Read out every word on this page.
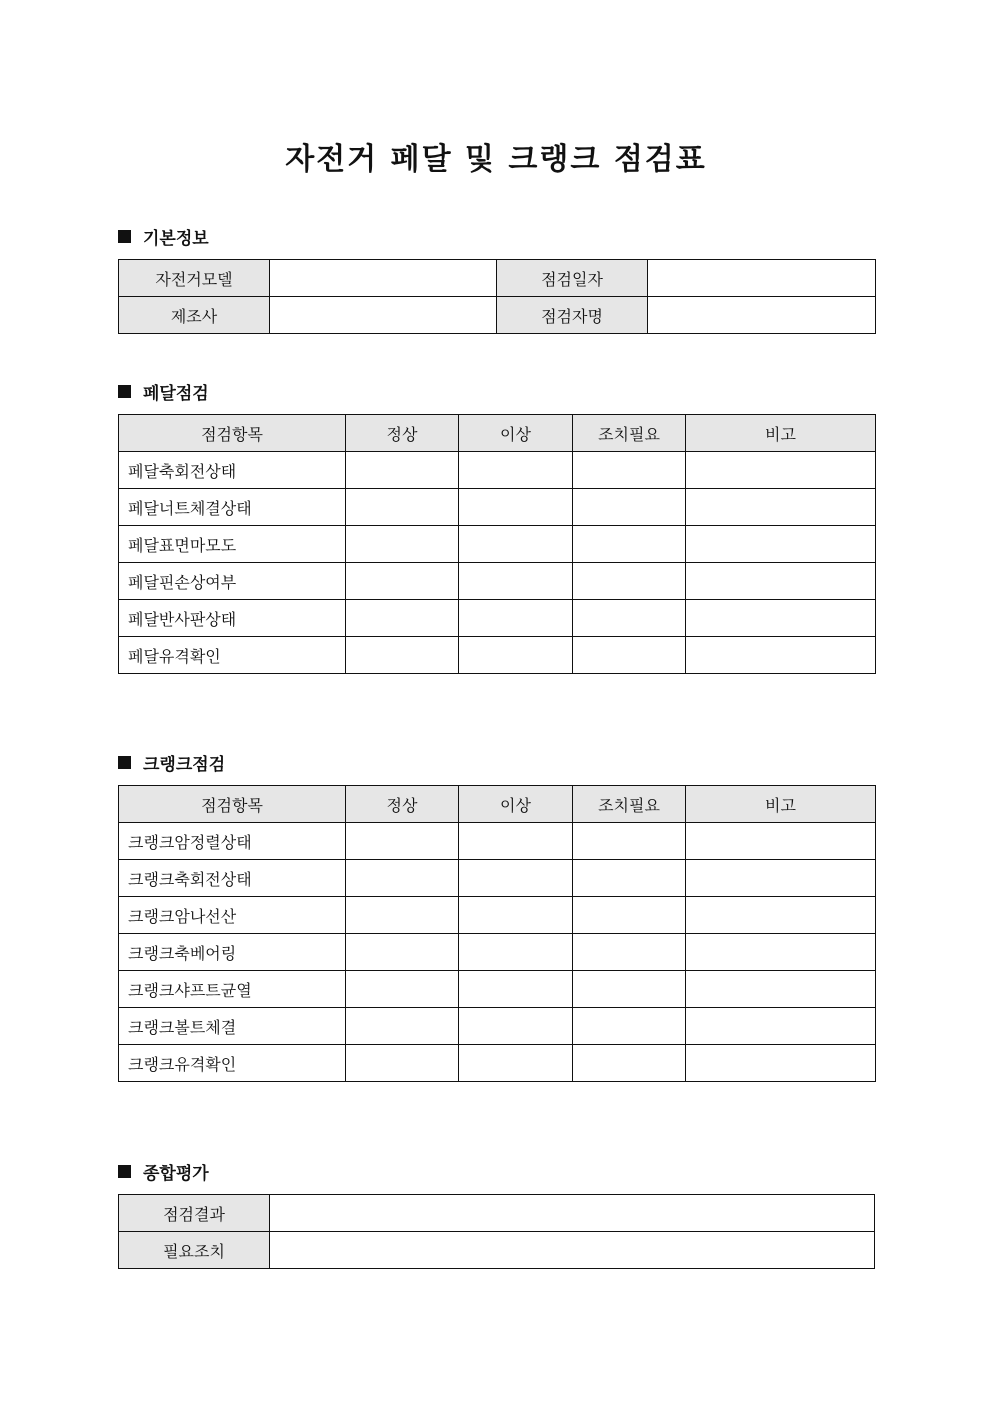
자전거 페달 및 크랭크 점검표
기본정보
자전거모델		점검일자	
제조사		점검자명	
페달점검
점검항목	정상	이상	조치필요	비고
페달축회전상태				
페달너트체결상태				
페달표면마모도				
페달핀손상여부				
페달반사판상태				
페달유격확인				
크랭크점검
점검항목	정상	이상	조치필요	비고
크랭크암정렬상태				
크랭크축회전상태				
크랭크암나선산				
크랭크축베어링				
크랭크샤프트균열				
크랭크볼트체결				
크랭크유격확인				
종합평가
점검결과	
필요조치	
